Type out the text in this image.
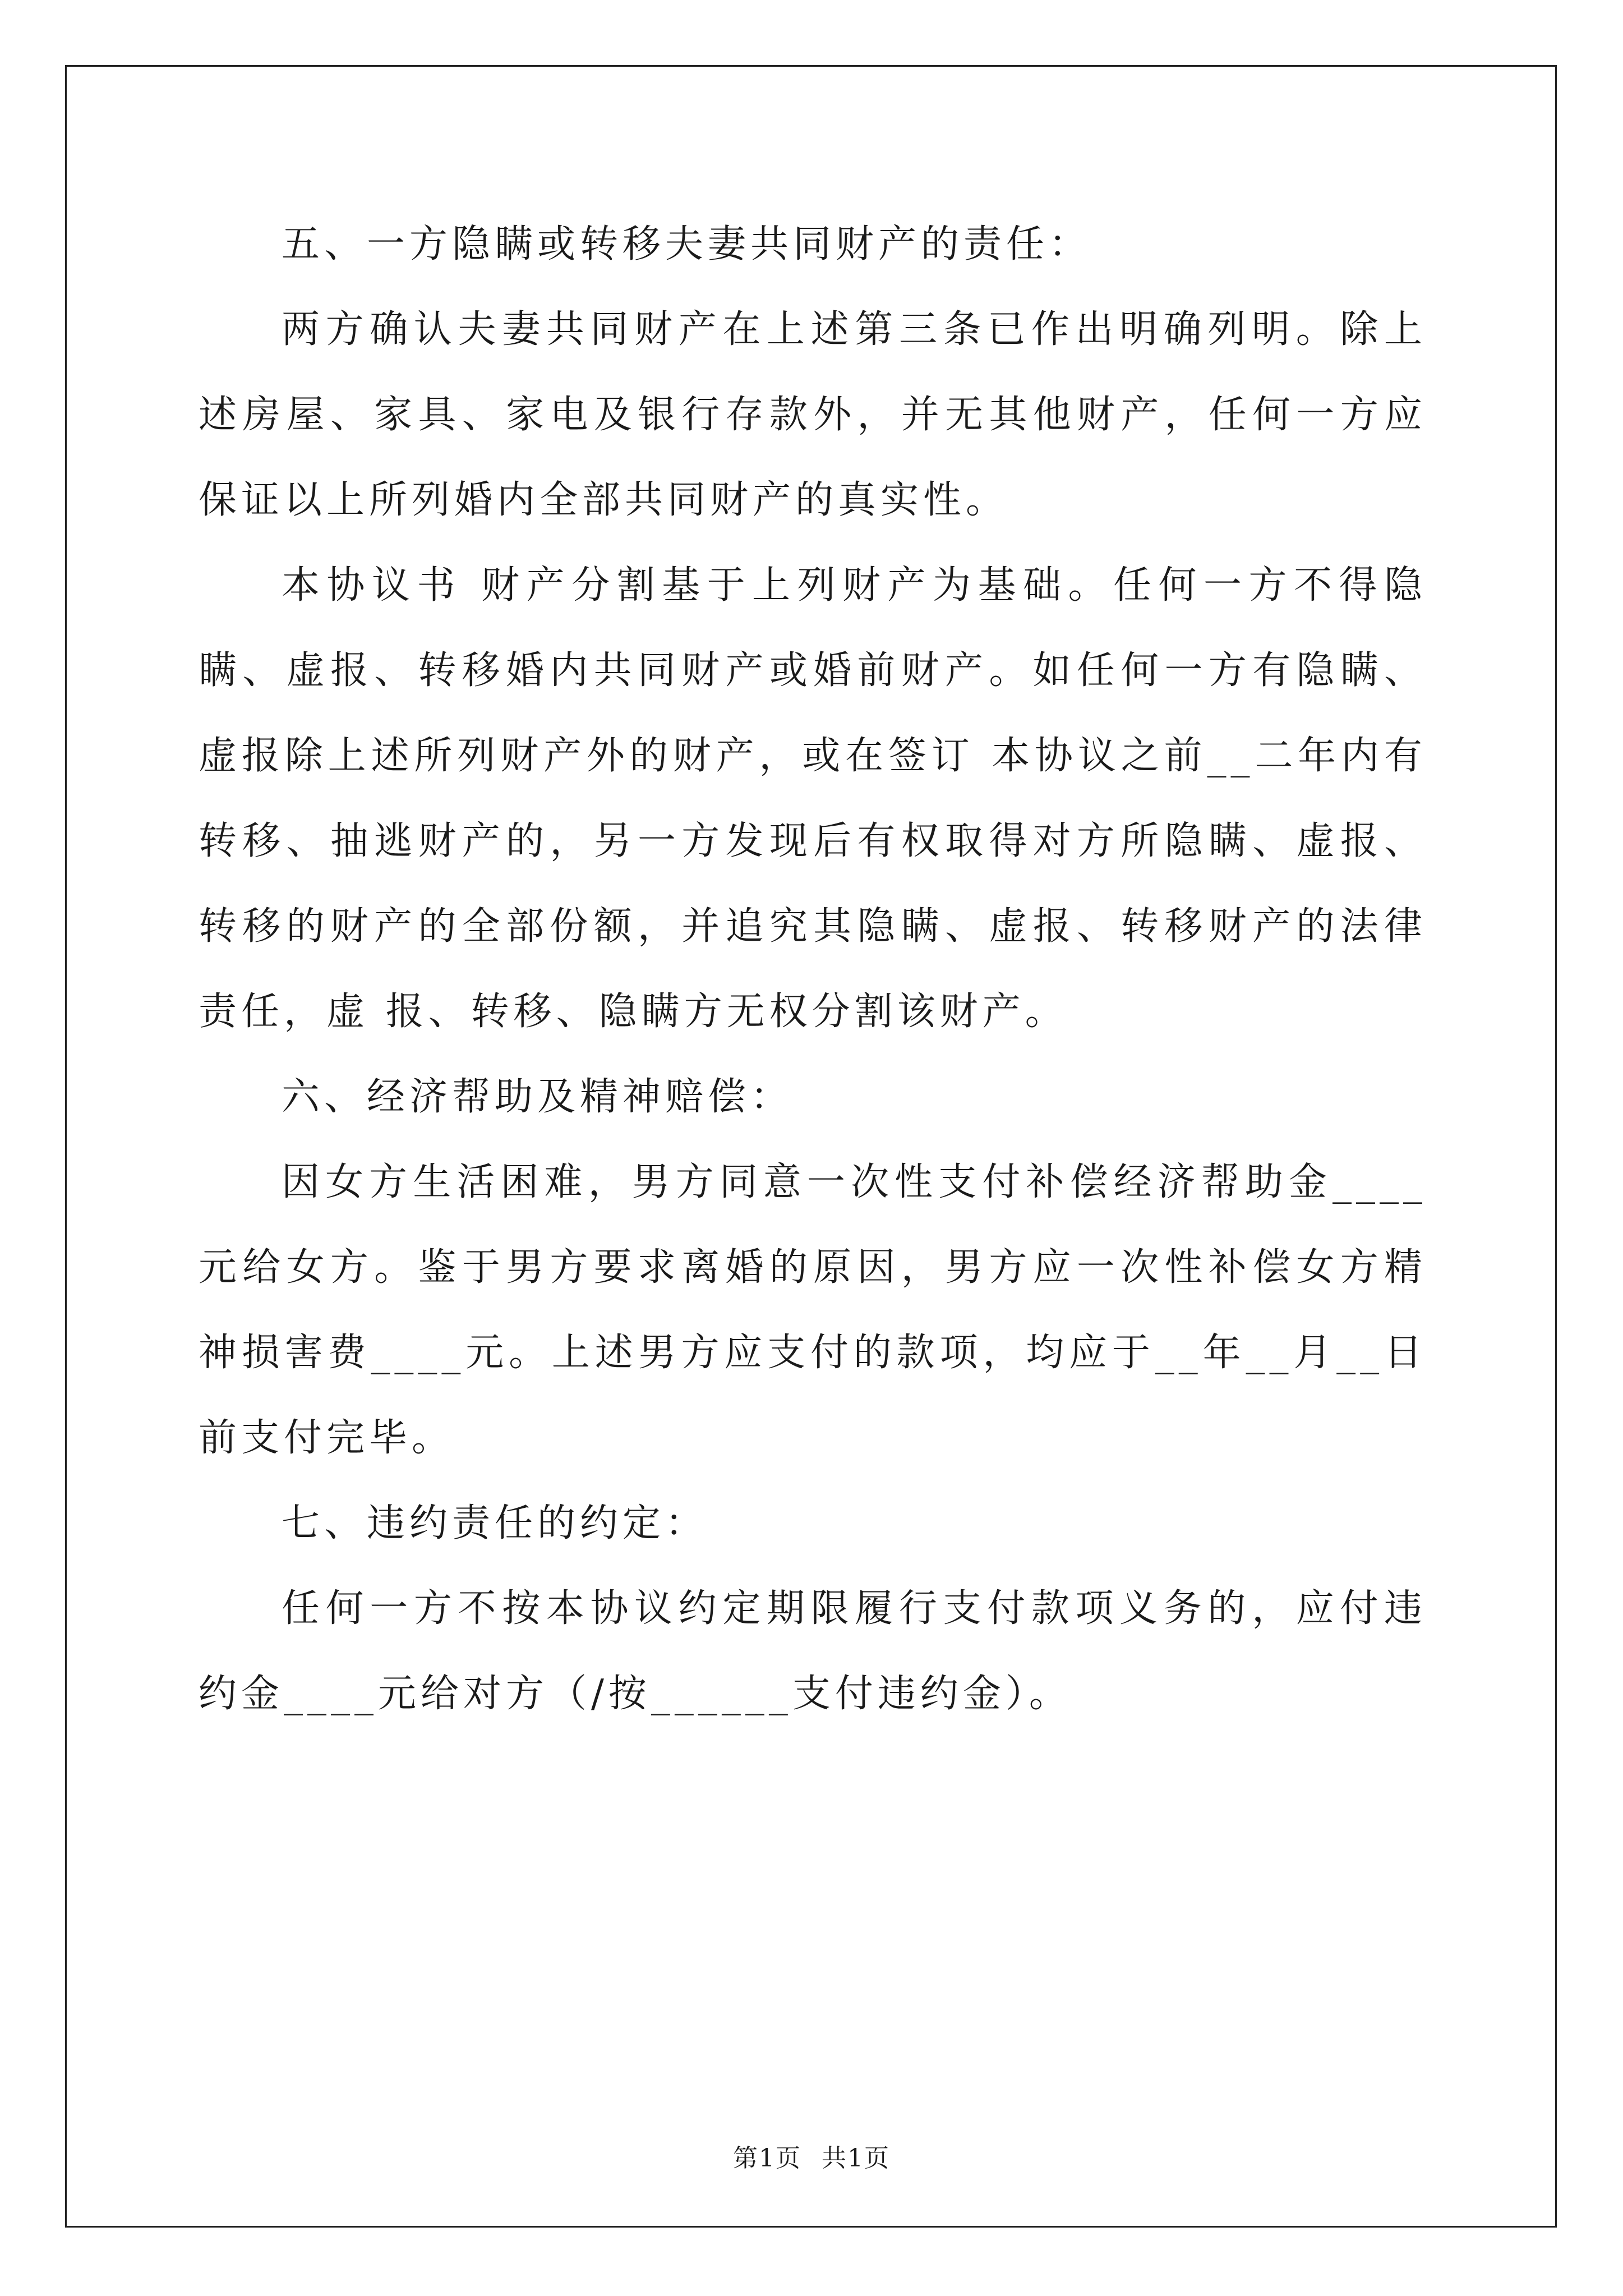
五、一方隐瞒或转移夫妻共同财产的责任：

两方确认夫妻共同财产在上述第三条已作出明确列明。除上述房屋、家具、家电及银行存款外，并无其他财产，任何一方应保证以上所列婚内全部共同财产的真实性。

本协议书 财产分割基于上列财产为基础。任何一方不得隐瞒、虚报、转移婚内共同财产或婚前财产。如任何一方有隐瞒、虚报除上述所列财产外的财产，或在签订 本协议之前__二年内有转移、抽逃财产的，另一方发现后有权取得对方所隐瞒、虚报、转移的财产的全部份额，并追究其隐瞒、虚报、转移财产的法律责任，虚 报、转移、隐瞒方无权分割该财产。

六、经济帮助及精神赔偿：

因女方生活困难，男方同意一次性支付补偿经济帮助金____元给女方。鉴于男方要求离婚的原因，男方应一次性补偿女方精神损害费____元。上述男方应支付的款项，均应于__年__月__日前支付完毕。

七、违约责任的约定：

任何一方不按本协议约定期限履行支付款项义务的，应付违约金____元给对方（/按______支付违约金）。

第1页 共1页
